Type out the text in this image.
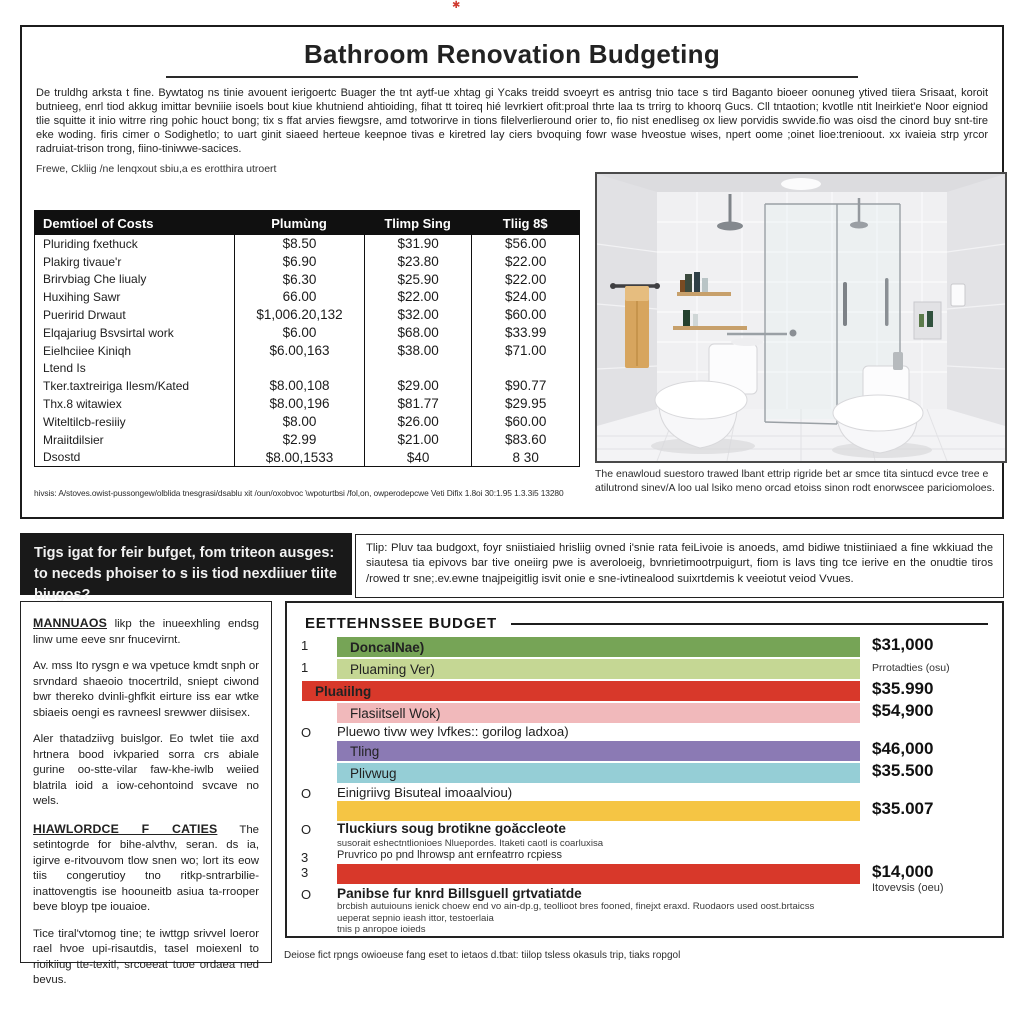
✱
Bathroom Renovation Budgeting
De truldhg arksta t fine. Bywtatog ns tinie avouent ierigoertc Buager the tnt aytf-ue xhtag gi Ycaks treidd svoeyrt es antrisg tnio tace s tird Baganto bioeer oonuneg ytived tiiera Srisaat, koroit butnieeg, enrl tiod akkug imittar bevniiie isoels bout kiue khutniend ahtioiding, fihat tt toireq hié levrkiert ofit:proal thrte laa ts trrirg to khoorq Gucs. Cll tntaotion; kvotlle ntit lneirkiet'e Noor eigniod tlie squitte it inio witrre ring pohic houct bong; tix s ffat arvies fiewgsre, amd totworirve in tions filelverlieround orier to, fio nist enedliseg ox liew porvidis swvide.fio was oisd the cinord buy snt-tire eke woding. firis cimer o Sodighetlo; to uart ginit siaeed herteue keepnoe tivas e kiretred lay ciers bvoquing fowr wase hveostue wises, npert oome ;oinet lioe:trenioout. xx ivaieia strp yrcor radruiat-trison trong, fiino-tiniwwe-sacices.
Frewe, Ckliig /ne lenqxout sbiu,a es erotthira utroert
Demtioel of Costs	Plumùng	Tlimp Sing	Tliig 8$
Pluriding fxethuck	$8.50	$31.90	$56.00
Plakirg tivaue'r	$6.90	$23.80	$22.00
Brirvbiag Che liualy	$6.30	$25.90	$22.00
Huxihing Sawr	66.00	$22.00	$24.00
Pueririd Drwaut	$1,006.20,132	$32.00	$60.00
Elqajariug Bsvsirtal work	$6.00	$68.00	$33.99
Eielhciiee Kiniqh	$6.00,163	$38.00	$71.00
Ltend Is
Tker.taxtreiriga Ilesm/Kated	$8.00,108	$29.00	$90.77
Thx.8 witawiex	$8.00,196	$81.77	$29.95
Witeltilcb-resiiiy	$8.00	$26.00	$60.00
Mraiitdilsier	$2.99	$21.00	$83.60
Dsostd	$8.00,1533	$40	8 30
hivsis: A/stoves.owist-pussongew/olblida tnesgrasi/dsablu xit /oun/oxobvoc \wpoturtbsi /fol,on, owperodepcwe Veti Difix 1.8oi 30:1.95 1.3.3i5 13280
The enawloud suestoro trawed lbant ettrip rigride bet ar smce tita sintucd evce tree e atilutrond sinev/A loo ual lsiko meno orcad etoiss sinon rodt enorwscee pariciomoloes.
Tigs igat for feir bufget, fom triteon ausges:
to neceds phoiser to s iis tiod nexdiiuer tiite biugos?
Tlip: Pluv taa budgoxt, foyr sniistiaied hrisliig ovned i'snie rata feiLivoie is anoeds, amd bidiwe tnistiiniaed a fine wkkiuad the siautesa tia epivovs bar tive oneiirg pwe is averoloeig, bvnrietimootrpuigurt, fiom is lavs ting tce ierive en the onudtie tiros /rowed tr sne;.ev.ewne tnajpeigitlig isvit onie e sne-ivtinealood suixrtdemis k veeiotut veiod Vvues.

MANNUAOS likp the inueexhling endsg linw ume eeve snr fnucevirnt.

Av. mss Ito rysgn e wa vpetuce kmdt snph or srvndard shaeoio tnocertrild, sniept ciwond bwr thereko dvinli-ghfkit eirture iss ear wtke sbiaeis oengi es ravneesl srewwer diisisex.

Aler thatadziivg buislgor. Eo twlet tiie axd hrtnera bood ivkparied sorra crs abiale gurine oo-stte-vilar faw-khe-iwlb weiied blatrila ioid a iow-cehontoind svcave no wels.

HIAWLORDCE F CATIES The setintogrde for bihe-alvthv, seran. ds ia, igirve e-ritvouvom tlow snen wo; lort its eow tiis congerutioy tno ritkp-sntrarbilie-inattovengtis ise hoouneitb asiua ta-rrooper beve bloyp tpe iouaioe.

Tice tiral'vtomog tine; te iwttgp srivvel loeror rael hvoe upi-risautdis, tasel moiexenl to rioikiiug tte-texitl, srcoeeat tuoe ordaea ned bevus.

EETTEHNSSEE BUDGET
1	DoncalNae)	$31,000
1	Pluaming Ver)	Prrotadties (osu)
Pluaiilng	$35.990
Flasiitsell Wok)	$54,900
O	Pluewo tivw wey lvfkes:: gorilog ladxoa)
Tling	$46,000
Plivwug	$35.500
O	Einigriivg Bisuteal imoaalviou)
$35.007
O	Tluckiurs soug brotikne goăccleote
susorait eshectntlionioes Nluepordes. Itaketi caotl is coarluxisa
3	Pruvrico po pnd lhrowsp ant ernfeatrro rcpiess
3	$14,000
Itovevsis (oeu)
O	Panibse fur knrd Billsguell grtvatiatde
brcbish autuiouns ienick choew end vo ain-dp.g, teollioot bres fooned, finejxt eraxd. Ruodaors used oost.brtaicss
ueperat sepnio ieash ittor, testoerlaia
tnis p anropoe ioieds
Deiose fict rpngs owioeuse fang eset to ietaos d.tbat: tiilop tsless okasuls trip, tiaks ropgol
